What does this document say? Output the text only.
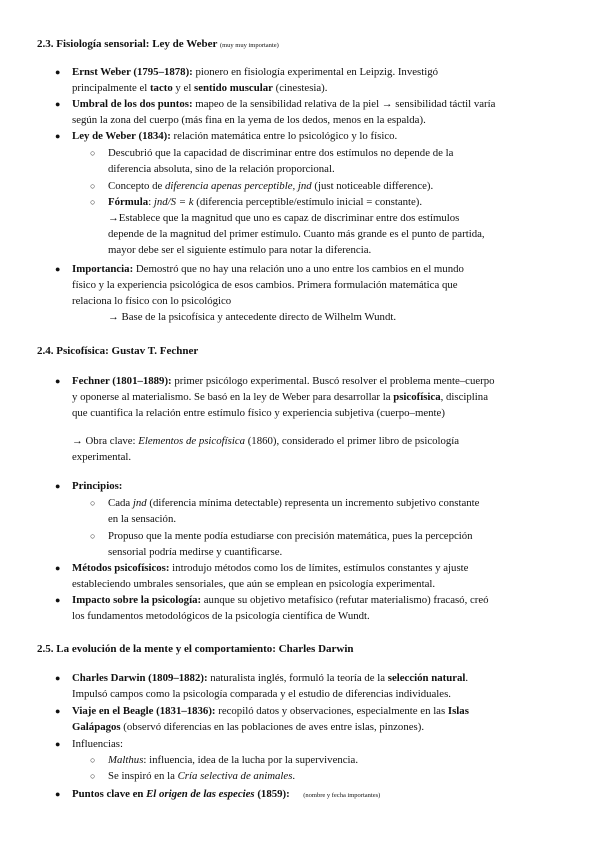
2.3. Fisiología sensorial: Ley de Weber (muy muy importante)
● Ernst Weber (1795–1878): pionero en fisiología experimental en Leipzig. Investigó
principalmente el tacto y el sentido muscular (cinestesia).
● Umbral de los dos puntos: mapeo de la sensibilidad relativa de la piel → sensibilidad táctil varía
según la zona del cuerpo (más fina en la yema de los dedos, menos en la espalda).
● Ley de Weber (1834): relación matemática entre lo psicológico y lo físico.
○ Descubrió que la capacidad de discriminar entre dos estímulos no depende de la
diferencia absoluta, sino de la relación proporcional.
○ Concepto de diferencia apenas perceptible, jnd (just noticeable difference).
○ Fórmula: jnd/S = k (diferencia perceptible/estímulo inicial = constante).
→Establece que la magnitud que uno es capaz de discriminar entre dos estímulos
depende de la magnitud del primer estímulo. Cuanto más grande es el punto de partida,
mayor debe ser el siguiente estímulo para notar la diferencia.
● Importancia: Demostró que no hay una relación uno a uno entre los cambios en el mundo
físico y la experiencia psicológica de esos cambios. Primera formulación matemática que
relaciona lo físico con lo psicológico
→ Base de la psicofísica y antecedente directo de Wilhelm Wundt.
2.4. Psicofísica: Gustav T. Fechner
● Fechner (1801–1889): primer psicólogo experimental. Buscó resolver el problema mente–cuerpo
y oponerse al materialismo. Se basó en la ley de Weber para desarrollar la psicofísica, disciplina
que cuantifica la relación entre estímulo físico y experiencia subjetiva (cuerpo–mente)
→ Obra clave: Elementos de psicofísica (1860), considerado el primer libro de psicología
experimental.
● Principios:
○ Cada jnd (diferencia mínima detectable) representa un incremento subjetivo constante
en la sensación.
○ Propuso que la mente podía estudiarse con precisión matemática, pues la percepción
sensorial podría medirse y cuantificarse.
● Métodos psicofísicos: introdujo métodos como los de límites, estímulos constantes y ajuste
estableciendo umbrales sensoriales, que aún se emplean en psicología experimental.
● Impacto sobre la psicología: aunque su objetivo metafísico (refutar materialismo) fracasó, creó
los fundamentos metodológicos de la psicología científica de Wundt.
2.5. La evolución de la mente y el comportamiento: Charles Darwin
● Charles Darwin (1809–1882): naturalista inglés, formuló la teoría de la selección natural.
Impulsó campos como la psicología comparada y el estudio de diferencias individuales.
● Viaje en el Beagle (1831–1836): recopiló datos y observaciones, especialmente en las Islas
Galápagos (observó diferencias en las poblaciones de aves entre islas, pinzones).
● Influencias:
○ Malthus: influencia, idea de la lucha por la supervivencia.
○ Se inspiró en la Cría selectiva de animales.
● Puntos clave en El origen de las especies (1859): (nombre y fecha importantes)
